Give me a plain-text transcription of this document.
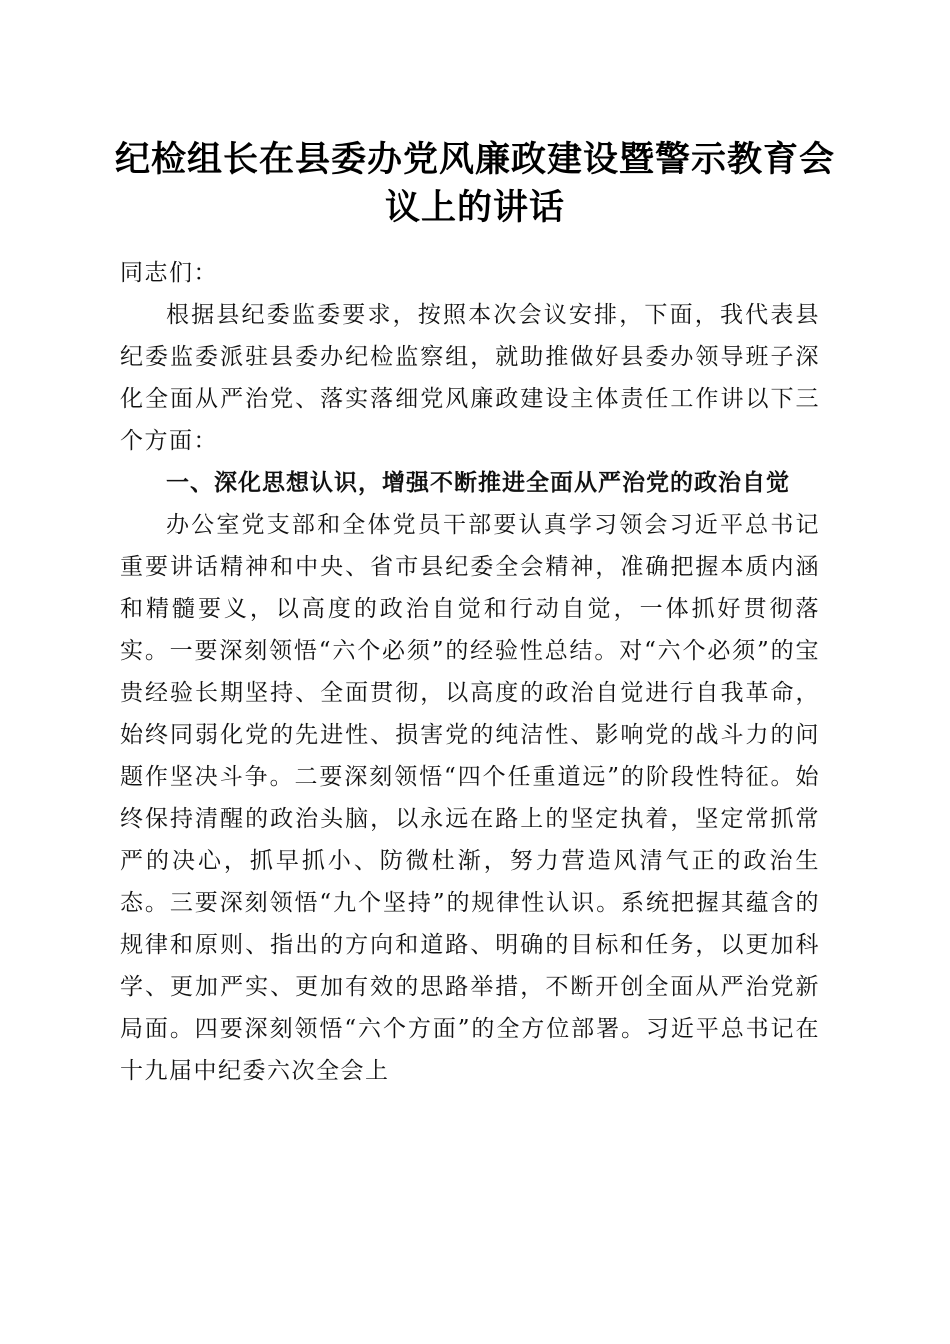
纪检组长在县委办党风廉政建设暨警示教育会
议上的讲话

同志们：

根据县纪委监委要求，按照本次会议安排，下面，我代表县纪委监委派驻县委办纪检监察组，就助推做好县委办领导班子深化全面从严治党、落实落细党风廉政建设主体责任工作讲以下三个方面：

一、深化思想认识，增强不断推进全面从严治党的政治自觉

办公室党支部和全体党员干部要认真学习领会习近平总书记重要讲话精神和中央、省市县纪委全会精神，准确把握本质内涵和精髓要义，以高度的政治自觉和行动自觉，一体抓好贯彻落实。一要深刻领悟“六个必须”的经验性总结。对“六个必须”的宝贵经验长期坚持、全面贯彻，以高度的政治自觉进行自我革命，始终同弱化党的先进性、损害党的纯洁性、影响党的战斗力的问题作坚决斗争。二要深刻领悟“四个任重道远”的阶段性特征。始终保持清醒的政治头脑，以永远在路上的坚定执着，坚定常抓常严的决心，抓早抓小、防微杜渐，努力营造风清气正的政治生态。三要深刻领悟“九个坚持”的规律性认识。系统把握其蕴含的规律和原则、指出的方向和道路、明确的目标和任务，以更加科学、更加严实、更加有效的思路举措，不断开创全面从严治党新局面。四要深刻领悟“六个方面”的全方位部署。习近平总书记在十九届中纪委六次全会上
